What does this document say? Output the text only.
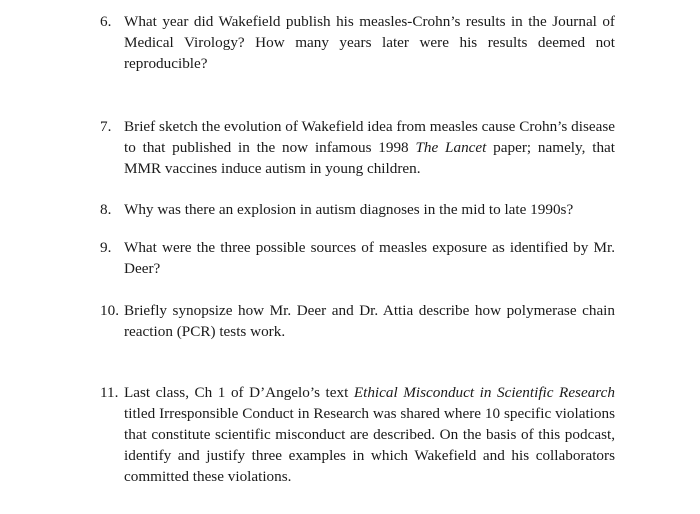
6. What year did Wakefield publish his measles-Crohn’s results in the Journal of Medical Virology? How many years later were his results deemed not reproducible?
7. Brief sketch the evolution of Wakefield idea from measles cause Crohn’s disease to that published in the now infamous 1998 The Lancet paper; namely, that MMR vaccines induce autism in young children.
8. Why was there an explosion in autism diagnoses in the mid to late 1990s?
9. What were the three possible sources of measles exposure as identified by Mr. Deer?
10. Briefly synopsize how Mr. Deer and Dr. Attia describe how polymerase chain reaction (PCR) tests work.
11. Last class, Ch 1 of D’Angelo’s text Ethical Misconduct in Scientific Research titled Irresponsible Conduct in Research was shared where 10 specific violations that constitute scientific misconduct are described. On the basis of this podcast, identify and justify three examples in which Wakefield and his collaborators committed these violations.
